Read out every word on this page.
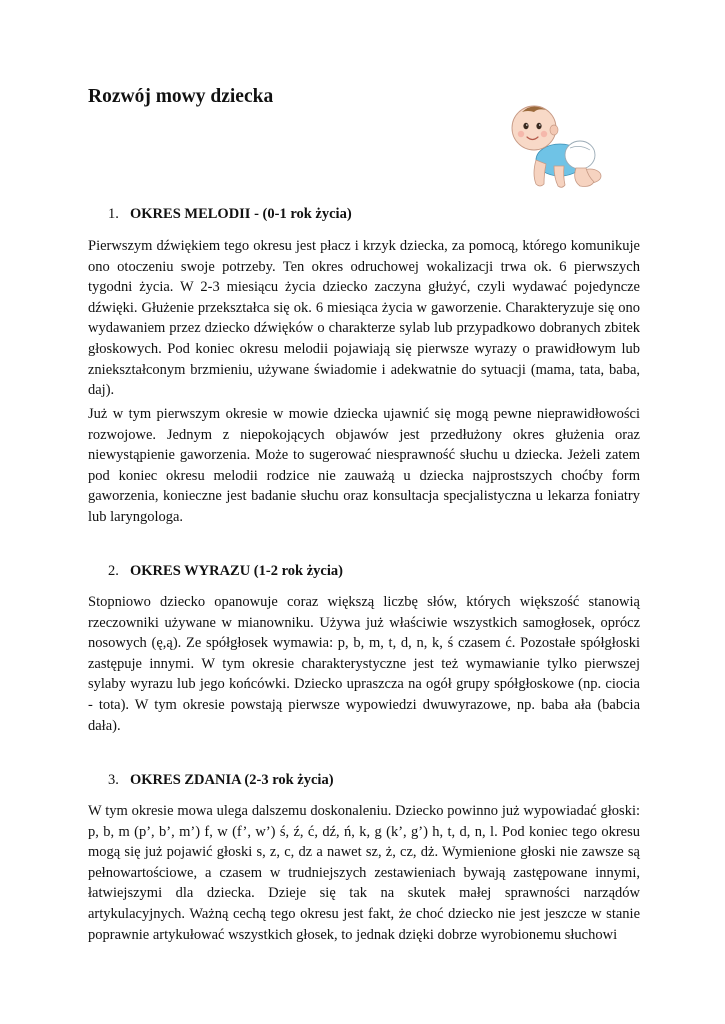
Rozwój mowy dziecka

1. OKRES MELODII - (0-1 rok życia)

Pierwszym dźwiękiem tego okresu jest płacz i krzyk dziecka, za pomocą, którego komunikuje ono otoczeniu swoje potrzeby. Ten okres odruchowej wokalizacji trwa ok. 6 pierwszych tygodni życia. W 2-3 miesiącu życia dziecko zaczyna głużyć, czyli wydawać pojedyncze dźwięki. Głużenie przekształca się ok. 6 miesiąca życia w gaworzenie. Charakteryzuje się ono wydawaniem przez dziecko dźwięków o charakterze sylab lub przypadkowo dobranych zbitek głoskowych. Pod koniec okresu melodii pojawiają się pierwsze wyrazy o prawidłowym lub zniekształconym brzmieniu, używane świadomie i adekwatnie do sytuacji (mama, tata, baba, daj).

Już w tym pierwszym okresie w mowie dziecka ujawnić się mogą pewne nieprawidłowości rozwojowe. Jednym z niepokojących objawów jest przedłużony okres głużenia oraz niewystąpienie gaworzenia. Może to sugerować niesprawność słuchu u dziecka. Jeżeli zatem pod koniec okresu melodii rodzice nie zauważą u dziecka najprostszych choćby form gaworzenia, konieczne jest badanie słuchu oraz konsultacja specjalistyczna u lekarza foniatry lub laryngologa.

2. OKRES WYRAZU (1-2 rok życia)

Stopniowo dziecko opanowuje coraz większą liczbę słów, których większość stanowią rzeczowniki używane w mianowniku. Używa już właściwie wszystkich samogłosek, oprócz nosowych (ę,ą). Ze spółgłosek wymawia: p, b, m, t, d, n, k, ś czasem ć. Pozostałe spółgłoski zastępuje innymi. W tym okresie charakterystyczne jest też wymawianie tylko pierwszej sylaby wyrazu lub jego końcówki. Dziecko upraszcza na ogół grupy spółgłoskowe (np. ciocia - tota). W tym okresie powstają pierwsze wypowiedzi dwuwyrazowe, np. baba ała (babcia dała).

3. OKRES ZDANIA (2-3 rok życia)

W tym okresie mowa ulega dalszemu doskonaleniu. Dziecko powinno już wypowiadać głoski: p, b, m (p’, b’, m’) f, w (f’, w’) ś, ź, ć, dź, ń, k, g (k’, g’) h, t, d, n, l. Pod koniec tego okresu mogą się już pojawić głoski s, z, c, dz a nawet sz, ż, cz, dż. Wymienione głoski nie zawsze są pełnowartościowe, a czasem w trudniejszych zestawieniach bywają zastępowane innymi, łatwiejszymi dla dziecka. Dzieje się tak na skutek małej sprawności narządów artykulacyjnych. Ważną cechą tego okresu jest fakt, że choć dziecko nie jest jeszcze w stanie poprawnie artykułować wszystkich głosek, to jednak dzięki dobrze wyrobionemu słuchowi
